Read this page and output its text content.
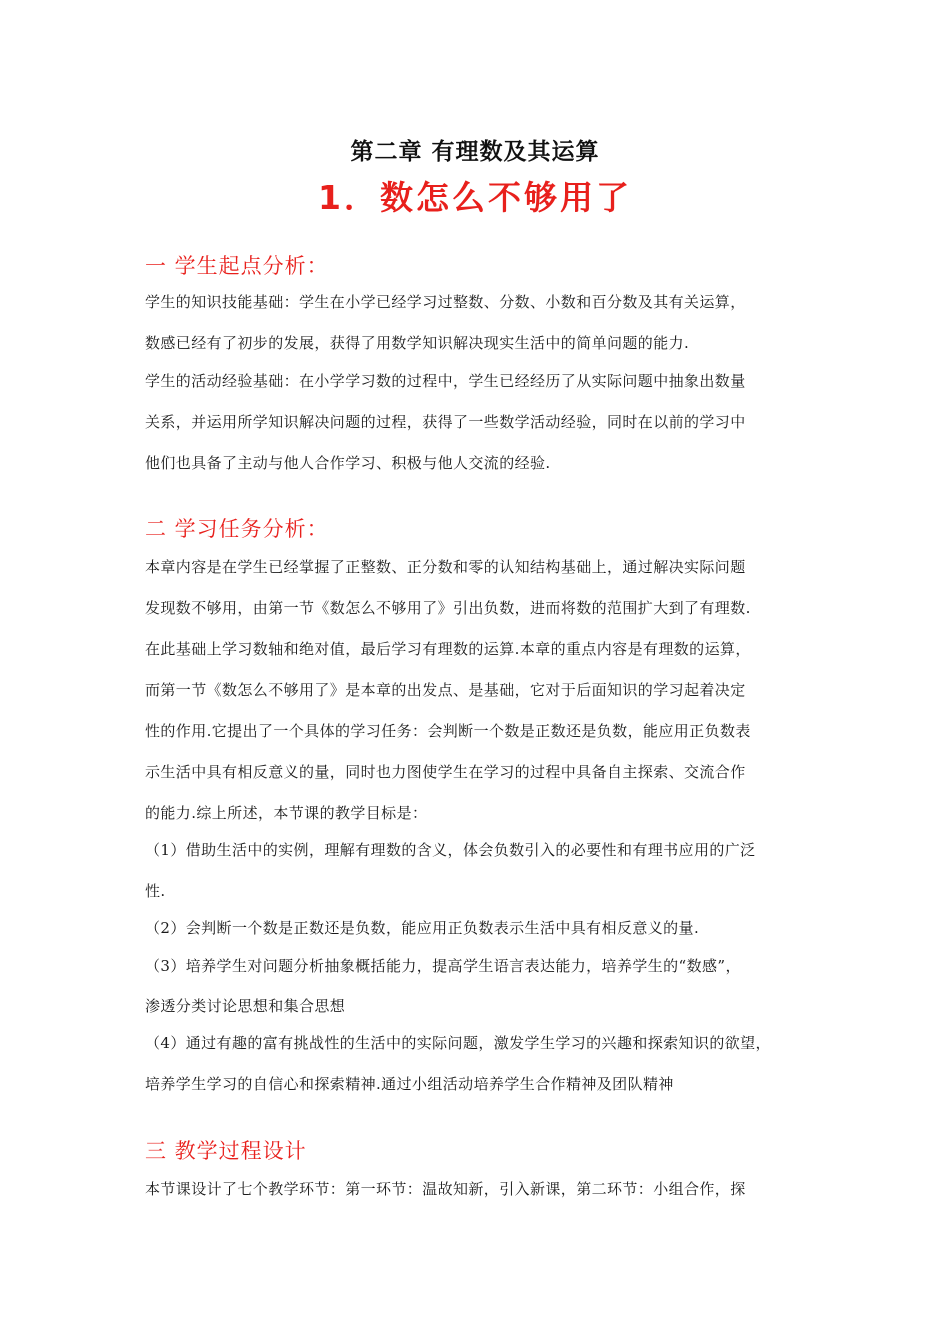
第二章 有理数及其运算
1．数怎么不够用了
一 学生起点分析：
学生的知识技能基础：学生在小学已经学习过整数、分数、小数和百分数及其有关运算，
数感已经有了初步的发展，获得了用数学知识解决现实生活中的简单问题的能力.
学生的活动经验基础：在小学学习数的过程中，学生已经经历了从实际问题中抽象出数量
关系，并运用所学知识解决问题的过程，获得了一些数学活动经验，同时在以前的学习中
他们也具备了主动与他人合作学习、积极与他人交流的经验.
二 学习任务分析：
本章内容是在学生已经掌握了正整数、正分数和零的认知结构基础上，通过解决实际问题
发现数不够用，由第一节《数怎么不够用了》引出负数，进而将数的范围扩大到了有理数.
在此基础上学习数轴和绝对值，最后学习有理数的运算.本章的重点内容是有理数的运算，
而第一节《数怎么不够用了》是本章的出发点、是基础，它对于后面知识的学习起着决定
性的作用.它提出了一个具体的学习任务：会判断一个数是正数还是负数，能应用正负数表
示生活中具有相反意义的量，同时也力图使学生在学习的过程中具备自主探索、交流合作
的能力.综上所述，本节课的教学目标是：
（1）借助生活中的实例，理解有理数的含义，体会负数引入的必要性和有理书应用的广泛
性.
（2）会判断一个数是正数还是负数，能应用正负数表示生活中具有相反意义的量.
（3）培养学生对问题分析抽象概括能力，提高学生语言表达能力，培养学生的“数感”，
渗透分类讨论思想和集合思想
（4）通过有趣的富有挑战性的生活中的实际问题，激发学生学习的兴趣和探索知识的欲望，
培养学生学习的自信心和探索精神.通过小组活动培养学生合作精神及团队精神
三 教学过程设计
本节课设计了七个教学环节：第一环节：温故知新，引入新课，第二环节：小组合作，探
